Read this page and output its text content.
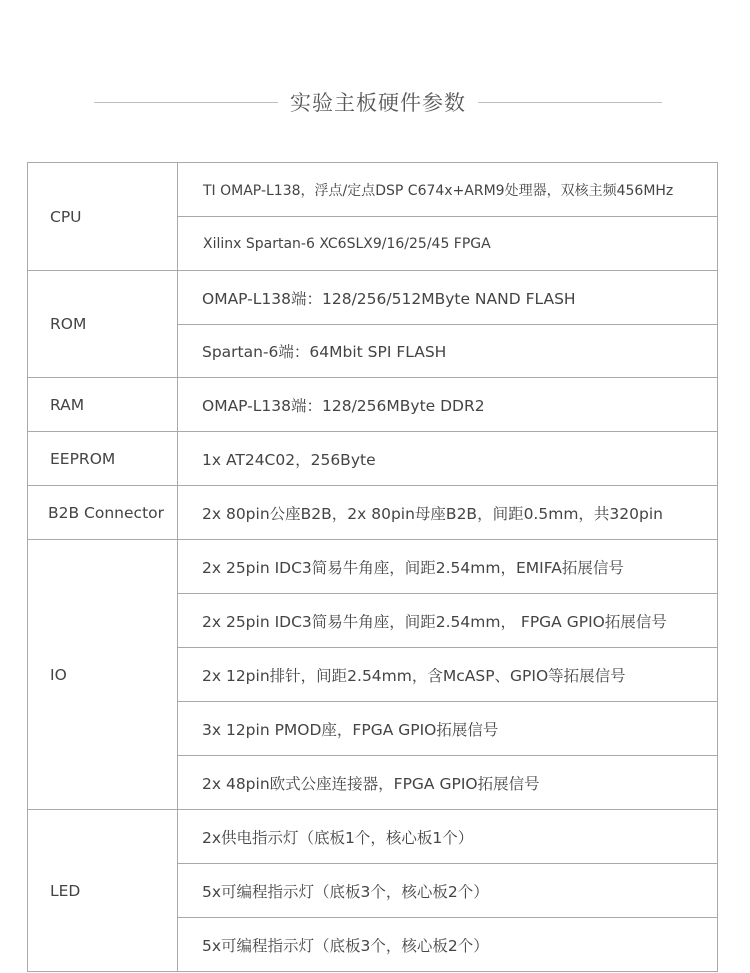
实验主板硬件参数
CPU	TI OMAP-L138，浮点/定点DSP C674x+ARM9处理器，双核主频456MHz
	Xilinx Spartan-6 XC6SLX9/16/25/45 FPGA
ROM	OMAP-L138端：128/256/512MByte NAND FLASH
	Spartan-6端：64Mbit SPI FLASH
RAM	OMAP-L138端：128/256MByte DDR2
EEPROM	1x AT24C02，256Byte
B2B Connector	2x 80pin公座B2B，2x 80pin母座B2B，间距0.5mm，共320pin
IO	2x 25pin IDC3简易牛角座，间距2.54mm，EMIFA拓展信号
	2x 25pin IDC3简易牛角座，间距2.54mm， FPGA GPIO拓展信号
	2x 12pin排针，间距2.54mm，含McASP、GPIO等拓展信号
	3x 12pin PMOD座，FPGA GPIO拓展信号
	2x 48pin欧式公座连接器，FPGA GPIO拓展信号
LED	2x供电指示灯（底板1个，核心板1个）
	5x可编程指示灯（底板3个，核心板2个）
	5x可编程指示灯（底板3个，核心板2个）
